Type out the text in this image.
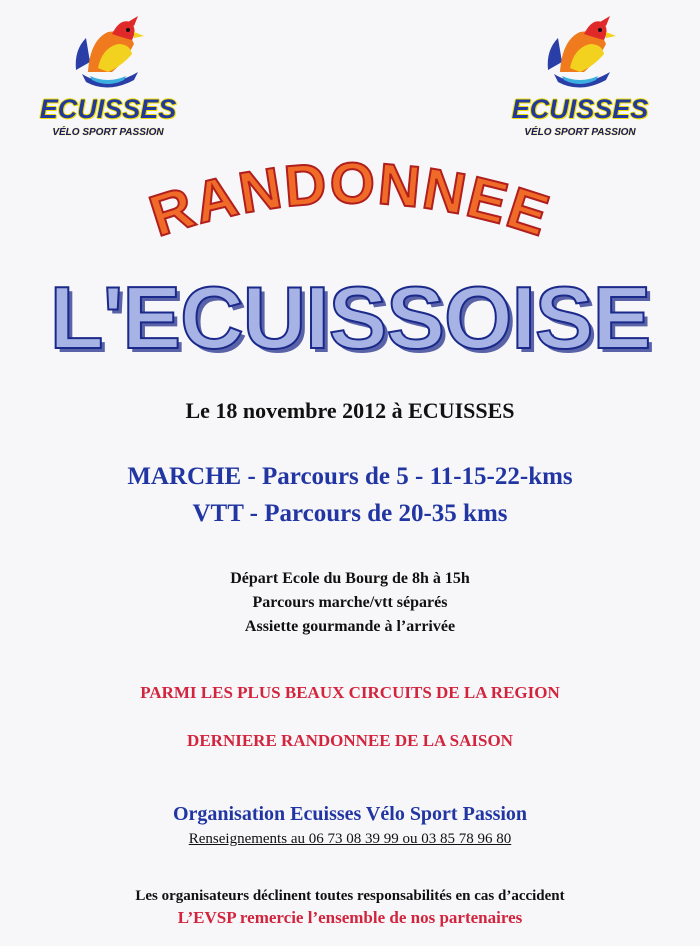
ECUISSES
VÉLO SPORT PASSION
ECUISSES
VÉLO SPORT PASSION
RANDONNEE
L'ECUISSOISE
Le 18 novembre 2012 à ECUISSES
MARCHE - Parcours de 5 - 11-15-22-kms
VTT - Parcours de 20-35 kms
Départ Ecole du Bourg de 8h à 15h
Parcours marche/vtt séparés
Assiette gourmande à l’arrivée
PARMI LES PLUS BEAUX CIRCUITS DE LA REGION
DERNIERE RANDONNEE DE LA SAISON
Organisation Ecuisses Vélo Sport Passion
Renseignements au 06 73 08 39 99 ou 03 85 78 96 80
Les organisateurs déclinent toutes responsabilités en cas d’accident
L’EVSP remercie l’ensemble de nos partenaires
